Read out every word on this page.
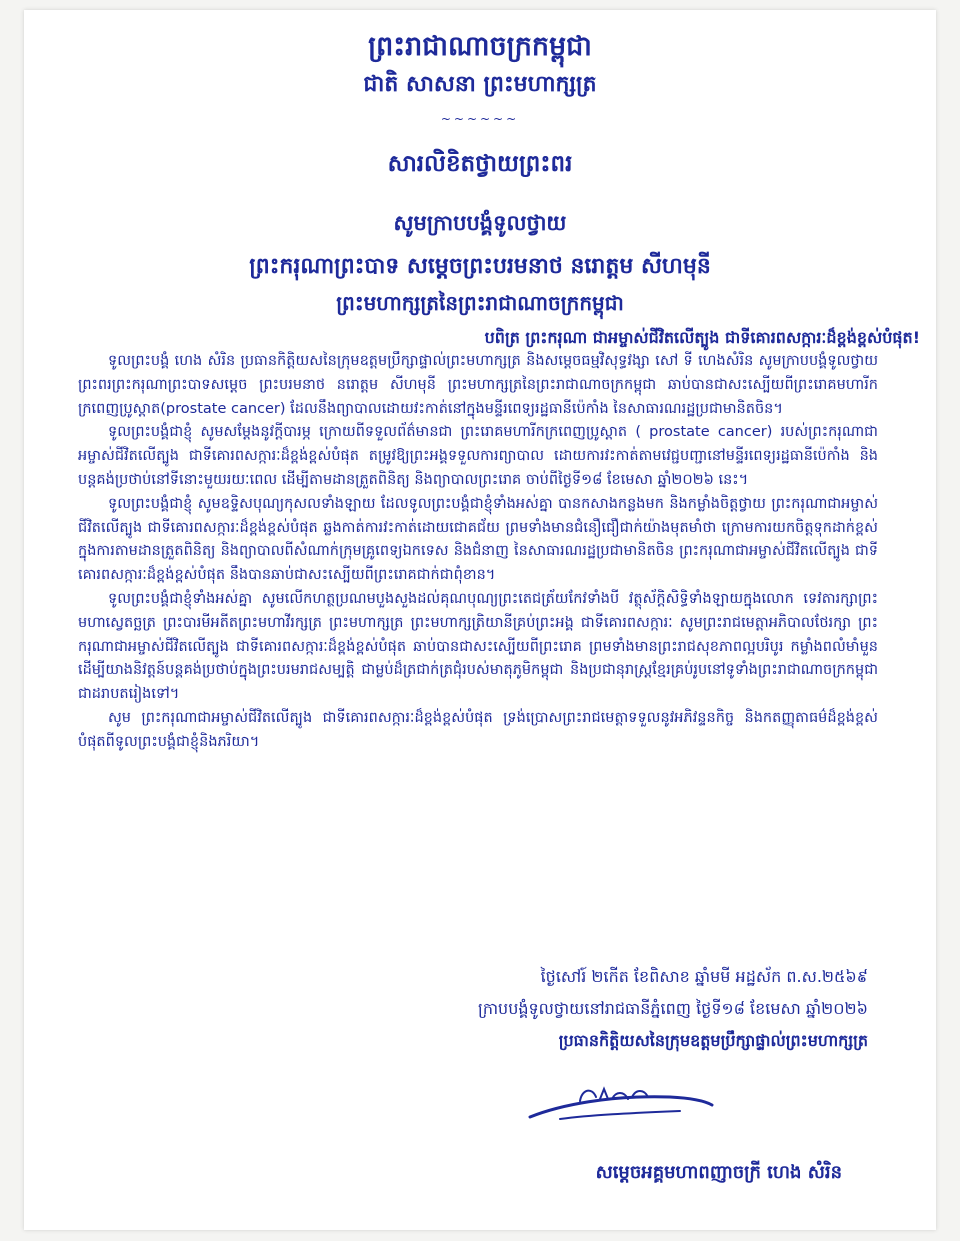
ព្រះរាជាណាចក្រកម្ពុជា
ជាតិ សាសនា ព្រះមហាក្សត្រ
~~~~~~
សារលិខិតថ្វាយព្រះពរ
សូមក្រាបបង្គំទូលថ្វាយ
ព្រះករុណាព្រះបាទ សម្តេចព្រះបរមនាថ នរោត្តម សីហមុនី
ព្រះមហាក្សត្រនៃព្រះរាជាណាចក្រកម្ពុជា
បពិត្រ ព្រះករុណា ជាអម្ចាស់ជីវិតលើត្បូង ជាទីគោរពសក្ការៈដ៏ខ្ពង់ខ្ពស់បំផុត!

ទូលព្រះបង្គំ ហេង សំរិន ប្រធានកិត្តិយសនៃក្រុមឧត្តមប្រឹក្សាផ្ទាល់ព្រះមហាក្សត្រ និងសម្តេចធម្មវិសុទ្ធវង្សា សៅ ទី ហេងសំរិន សូមក្រាបបង្គំទូលថ្វាយព្រះពរព្រះករុណាព្រះបាទសម្តេច ព្រះបរមនាថ នរោត្តម សីហមុនី ព្រះមហាក្សត្រនៃព្រះរាជាណាចក្រកម្ពុជា ឆាប់បានជាសះស្បើយពីព្រះរោគមហារីកក្រពេញប្រូស្តាត(prostate cancer) ដែលនឹងព្យាបាលដោយវះកាត់នៅក្នុងមន្ទីរពេទ្យរដ្ឋធានីប៉េកាំង នៃសាធារណរដ្ឋប្រជាមានិតចិន។

ទូលព្រះបង្គំជាខ្ញុំ សូមសម្តែងនូវក្តីបារម្ភ ក្រោយពីទទួលព័ត៌មានជា ព្រះរោគមហារីកក្រពេញប្រូស្តាត ( prostate cancer) របស់ព្រះករុណាជាអម្ចាស់ជីវិតលើត្បូង ជាទីគោរពសក្ការៈដ៏ខ្ពង់ខ្ពស់បំផុត តម្រូវឱ្យព្រះអង្គទទួលការព្យាបាល ដោយការវះកាត់តាមវេជ្ជបញ្ជានៅមន្ទីរពេទ្យរដ្ឋធានីប៉េកាំង និងបន្តគង់ប្រថាប់នៅទីនោះមួយរយៈពេល ដើម្បីតាមដានត្រួតពិនិត្យ និងព្យាបាលព្រះរោគ ចាប់ពីថ្ងៃទី១៨ ខែមេសា ឆ្នាំ២០២៦ នេះ។

ទូលព្រះបង្គំជាខ្ញុំ សូមឧទ្ទិសបុណ្យកុសលទាំងឡាយ ដែលទូលព្រះបង្គំជាខ្ញុំទាំងអស់គ្នា បានកសាងកន្លងមក និងកម្លាំងចិត្តថ្វាយ ព្រះករុណាជាអម្ចាស់ជីវិតលើត្បូង ជាទីគោរពសក្ការៈដ៏ខ្ពង់ខ្ពស់បំផុត ឆ្លងកាត់ការវះកាត់ដោយជោគជ័យ ព្រមទាំងមានជំនឿជឿជាក់យ៉ាងមុតមាំថា ក្រោមការយកចិត្តទុកដាក់ខ្ពស់ក្នុងការតាមដានត្រួតពិនិត្យ និងព្យាបាលពីសំណាក់ក្រុមគ្រូពេទ្យឯកទេស និងជំនាញ នៃសាធារណរដ្ឋប្រជាមានិតចិន ព្រះករុណាជាអម្ចាស់ជីវិតលើត្បូង ជាទីគោរពសក្ការៈដ៏ខ្ពង់ខ្ពស់បំផុត នឹងបានឆាប់ជាសះស្បើយពីព្រះរោគជាក់ជាពុំខាន។

ទូលព្រះបង្គំជាខ្ញុំទាំងអស់គ្នា សូមលើកហត្ថប្រណមបួងសួងដល់គុណបុណ្យព្រះតេជត្រ័យកែវទាំងបី វត្ថុស័ក្តិសិទ្ធិទាំងឡាយក្នុងលោក ទេវតារក្សាព្រះមហាស្វេតច្ឆត្រ ព្រះបារមីអតីតព្រះមហាវីរក្សត្រ ព្រះមហាក្សត្រ ព្រះមហាក្សត្រិយានីគ្រប់ព្រះអង្គ ជាទីគោរពសក្ការៈ សូមព្រះរាជមេត្តាអភិបាលថែរក្សា ព្រះករុណាជាអម្ចាស់ជីវិតលើត្បូង ជាទីគោរពសក្ការៈដ៏ខ្ពង់ខ្ពស់បំផុត ឆាប់បានជាសះស្បើយពីព្រះរោគ ព្រមទាំងមានព្រះរាជសុខភាពល្អបរិបូរ កម្លាំងពលំមាំមួន ដើម្បីយាងនិវត្តន៍បន្តគង់ប្រថាប់ក្នុងព្រះបរមរាជសម្បត្តិ ជាម្លប់ដ៏ត្រជាក់ត្រជុំរបស់មាតុភូមិកម្ពុជា និងប្រជានុរាស្ត្រខ្មែរគ្រប់រូបនៅទូទាំងព្រះរាជាណាចក្រកម្ពុជា ជាដរាបតរៀងទៅ។

សូម ព្រះករុណាជាអម្ចាស់ជីវិតលើត្បូង ជាទីគោរពសក្ការៈដ៏ខ្ពង់ខ្ពស់បំផុត ទ្រង់ប្រោសព្រះរាជមេត្តាទទួលនូវអភិវន្ទនកិច្ច និងកតញ្ញុតាធម៌ដ៏ខ្ពង់ខ្ពស់បំផុតពីទូលព្រះបង្គំជាខ្ញុំនិងភរិយា។

ថ្ងៃសៅរ៍ ២កើត ខែពិសាខ ឆ្នាំមមី អដ្ឋស័ក ព.ស.២៥៦៩
ក្រាបបង្គំទូលថ្វាយនៅរាជធានីភ្នំពេញ ថ្ងៃទី១៨ ខែមេសា ឆ្នាំ២០២៦
ប្រធានកិត្តិយសនៃក្រុមឧត្តមប្រឹក្សាផ្ទាល់ព្រះមហាក្សត្រ
សម្តេចអគ្គមហាពញាចក្រី ហេង សំរិន
